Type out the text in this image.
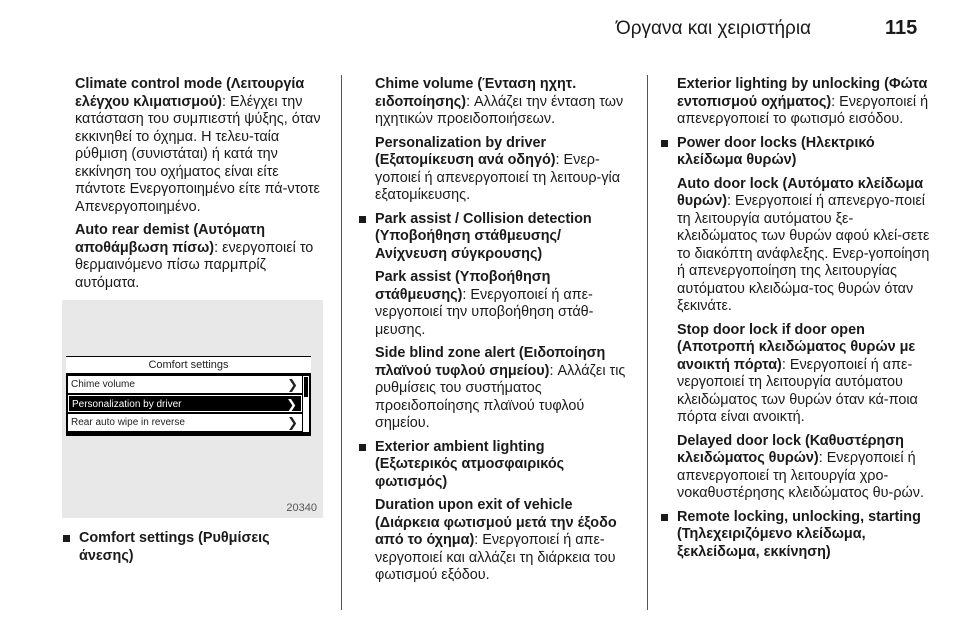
Όργανα και χειριστήρια	115

Climate control mode (Λειτουργία ελέγχου κλιματισμού): Ελέγχει την κατάσταση του συμπιεστή ψύξης, όταν εκκινηθεί το όχημα. Η τελευ-ταία ρύθμιση (συνιστάται) ή κατά την εκκίνηση του οχήματος είναι είτε πάντοτε Ενεργοποιημένο είτε πά-ντοτε Απενεργοποιημένο.

Auto rear demist (Αυτόματη αποθάμβωση πίσω): ενεργοποιεί το θερμαινόμενο πίσω παρμπρίζ αυτόματα.

Comfort settings
Chime volume	❯
Personalization by driver	❯
Rear auto wipe in reverse	❯
20340
Comfort settings (Ρυθμίσεις άνεσης)

Chime volume (Ένταση ηχητ. ειδοποίησης): Αλλάζει την ένταση των ηχητικών προειδοποιήσεων.

Personalization by driver (Εξατομίκευση ανά οδηγό): Ενερ-γοποιεί ή απενεργοποιεί τη λειτουρ-γία εξατομίκευσης.

Park assist / Collision detection (Υποβοήθηση στάθμευσης/ Ανίχνευση σύγκρουσης)

Park assist (Υποβοήθηση στάθμευσης): Ενεργοποιεί ή απε-νεργοποιεί την υποβοήθηση στάθ-μευσης.

Side blind zone alert (Ειδοποίηση πλαϊνού τυφλού σημείου): Αλλάζει τις ρυθμίσεις του συστήματος προειδοποίησης πλαϊνού τυφλού σημείου.

Exterior ambient lighting (Εξωτερικός ατμοσφαιρικός φωτισμός)

Duration upon exit of vehicle (Διάρκεια φωτισμού μετά την έξοδο από το όχημα): Ενεργοποιεί ή απε-νεργοποιεί και αλλάζει τη διάρκεια του φωτισμού εξόδου.

Exterior lighting by unlocking (Φώτα εντοπισμού οχήματος): Ενεργοποιεί ή απενεργοποιεί το φωτισμό εισόδου.

Power door locks (Ηλεκτρικό κλείδωμα θυρών)

Auto door lock (Αυτόματο κλείδωμα θυρών): Ενεργοποιεί ή απενεργο-ποιεί τη λειτουργία αυτόματου ξε-κλειδώματος των θυρών αφού κλεί-σετε το διακόπτη ανάφλεξης. Ενερ-γοποίηση ή απενεργοποίηση της λειτουργίας αυτόματου κλειδώμα-τος θυρών όταν ξεκινάτε.

Stop door lock if door open (Αποτροπή κλειδώματος θυρών με ανοικτή πόρτα): Ενεργοποιεί ή απε-νεργοποιεί τη λειτουργία αυτόματου κλειδώματος των θυρών όταν κά-ποια πόρτα είναι ανοικτή.

Delayed door lock (Καθυστέρηση κλειδώματος θυρών): Ενεργοποιεί ή απενεργοποιεί τη λειτουργία χρο-νοκαθυστέρησης κλειδώματος θυ-ρών.

Remote locking, unlocking, starting (Τηλεχειριζόμενο κλείδωμα, ξεκλείδωμα, εκκίνηση)
